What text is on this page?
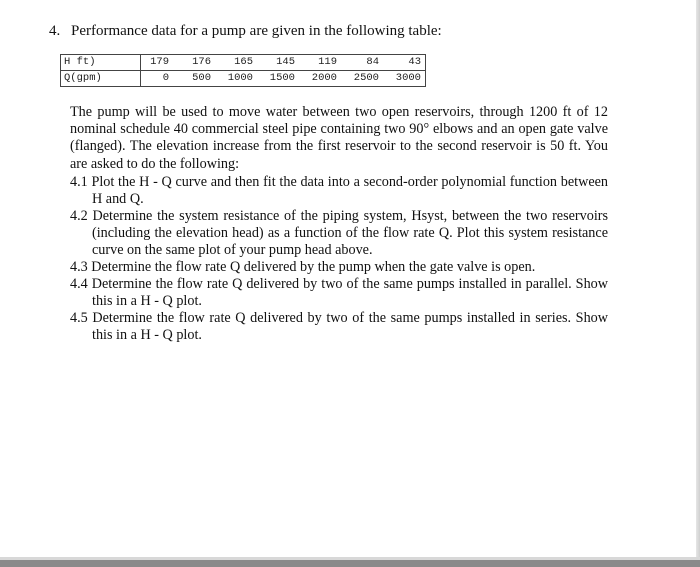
4. Performance data for a pump are given in the following table:
H ft)	179	176	165	145	119	84	43
Q(gpm)	0	500	1000	1500	2000	2500	3000

The pump will be used to move water between two open reservoirs, through 1200 ft of 12 nominal schedule 40 commercial steel pipe containing two 90° elbows and an open gate valve (flanged). The elevation increase from the first reservoir to the second reservoir is 50 ft. You are asked to do the following:

4.1 Plot the H - Q curve and then fit the data into a second-order polynomial function between H and Q.
4.2 Determine the system resistance of the piping system, Hsyst, between the two reservoirs (including the elevation head) as a function of the flow rate Q. Plot this system resistance curve on the same plot of your pump head above.
4.3 Determine the flow rate Q delivered by the pump when the gate valve is open.
4.4 Determine the flow rate Q delivered by two of the same pumps installed in parallel. Show this in a H - Q plot.
4.5 Determine the flow rate Q delivered by two of the same pumps installed in series. Show this in a H - Q plot.
